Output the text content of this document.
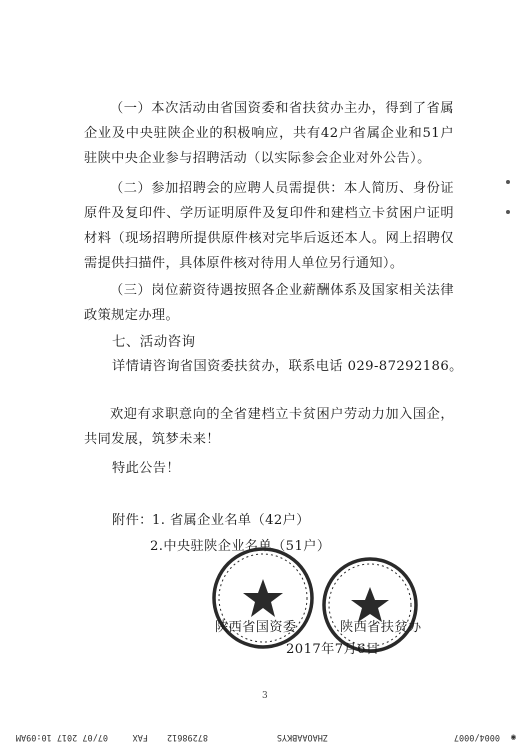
（一）本次活动由省国资委和省扶贫办主办，得到了省属企业及中央驻陕企业的积极响应，共有42户省属企业和51户驻陕中央企业参与招聘活动（以实际参会企业对外公告）。

（二）参加招聘会的应聘人员需提供：本人简历、身份证原件及复印件、学历证明原件及复印件和建档立卡贫困户证明材料（现场招聘所提供原件核对完毕后返还本人。网上招聘仅需提供扫描件，具体原件核对待用人单位另行通知）。

（三）岗位薪资待遇按照各企业薪酬体系及国家相关法律政策规定办理。

七、活动咨询

详情请咨询省国资委扶贫办，联系电话 029-87292186。

欢迎有求职意向的全省建档立卡贫困户劳动力加入国企，共同发展，筑梦未来！

特此公告！

附件： 1. 省属企业名单（42户）

2.中央驻陕企业名单（51户）

陕西省国资委	陕西省扶贫办

2017年7月6日

3
07/07 2017 10:09AM	FAX 87298612	ZHAOAABKYS	0004/0007 ◉
